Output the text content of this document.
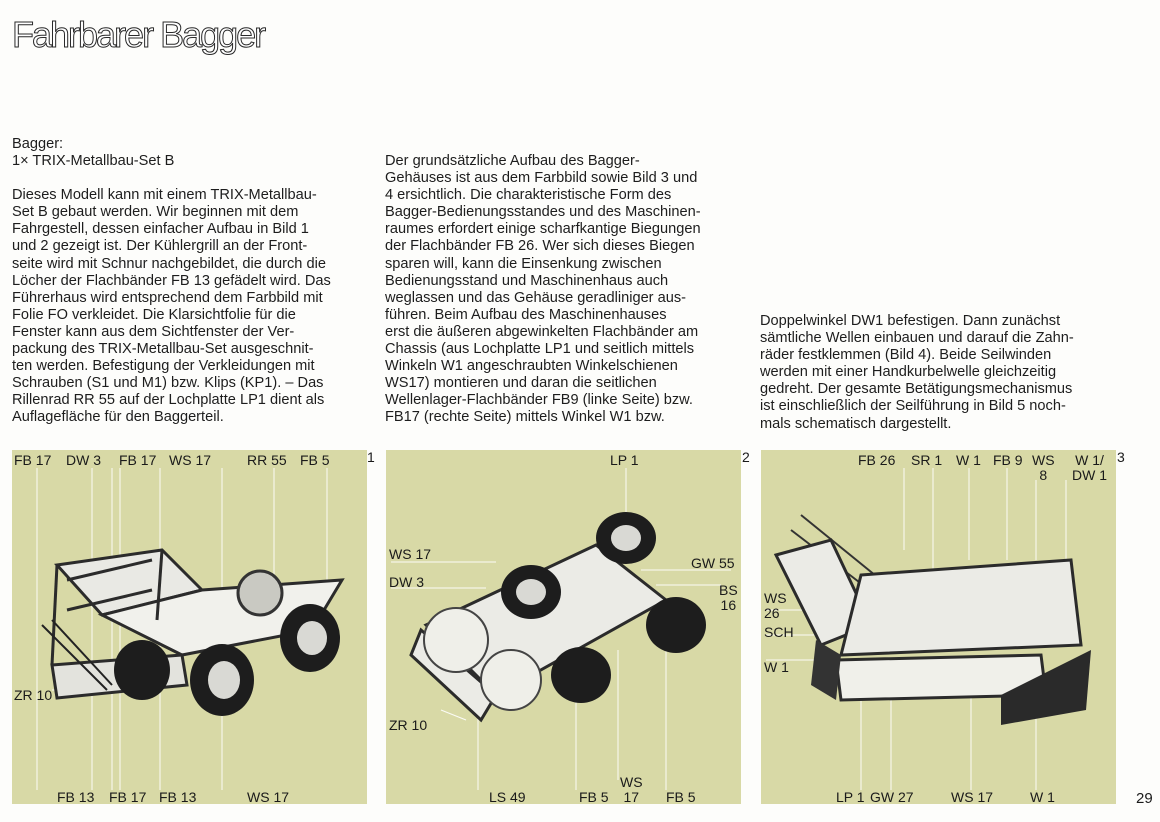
Fahrbarer Bagger

Bagger:
1× TRIX-Metallbau-Set B

Dieses Modell kann mit einem TRIX-Metallbau-
Set B gebaut werden. Wir beginnen mit dem
Fahrgestell, dessen einfacher Aufbau in Bild 1
und 2 gezeigt ist. Der Kühlergrill an der Front-
seite wird mit Schnur nachgebildet, die durch die
Löcher der Flachbänder FB 13 gefädelt wird. Das
Führerhaus wird entsprechend dem Farbbild mit
Folie FO verkleidet. Die Klarsichtfolie für die
Fenster kann aus dem Sichtfenster der Ver-
packung des TRIX-Metallbau-Set ausgeschnit-
ten werden. Befestigung der Verkleidungen mit
Schrauben (S1 und M1) bzw. Klips (KP1). – Das
Rillenrad RR 55 auf der Lochplatte LP1 dient als
Auflagefläche für den Baggerteil.

Der grundsätzliche Aufbau des Bagger-
Gehäuses ist aus dem Farbbild sowie Bild 3 und
4 ersichtlich. Die charakteristische Form des
Bagger-Bedienungsstandes und des Maschinen-
raumes erfordert einige scharfkantige Biegungen
der Flachbänder FB 26. Wer sich dieses Biegen
sparen will, kann die Einsenkung zwischen
Bedienungsstand und Maschinenhaus auch
weglassen und das Gehäuse geradliniger aus-
führen. Beim Aufbau des Maschinenhauses
erst die äußeren abgewinkelten Flachbänder am
Chassis (aus Lochplatte LP1 und seitlich mittels
Winkeln W1 angeschraubten Winkelschienen
WS17) montieren und daran die seitlichen
Wellenlager-Flachbänder FB9 (linke Seite) bzw.
FB17 (rechte Seite) mittels Winkel W1 bzw.

Doppelwinkel DW1 befestigen. Dann zunächst
sämtliche Wellen einbauen und darauf die Zahn-
räder festklemmen (Bild 4). Beide Seilwinden
werden mit einer Handkurbelwelle gleichzeitig
gedreht. Der gesamte Betätigungsmechanismus
ist einschließlich der Seilführung in Bild 5 noch-
mals schematisch dargestellt.

FB 17 DW 3 FB 17 WS 17	RR 55 FB 5
ZR 10
FB 13 FB 17 FB 13	WS 17
1	LP 1
WS 17
DW 3
GW 55
BS
16
ZR 10
LS 49	FB 5
WS
17 FB 5
2	FB 26 SR 1 W 1 FB 9 WS
8
W 1/
DW 1
WS
26
SCH
W 1
LP 1 GW 27	WS 17	W 1
3
29
